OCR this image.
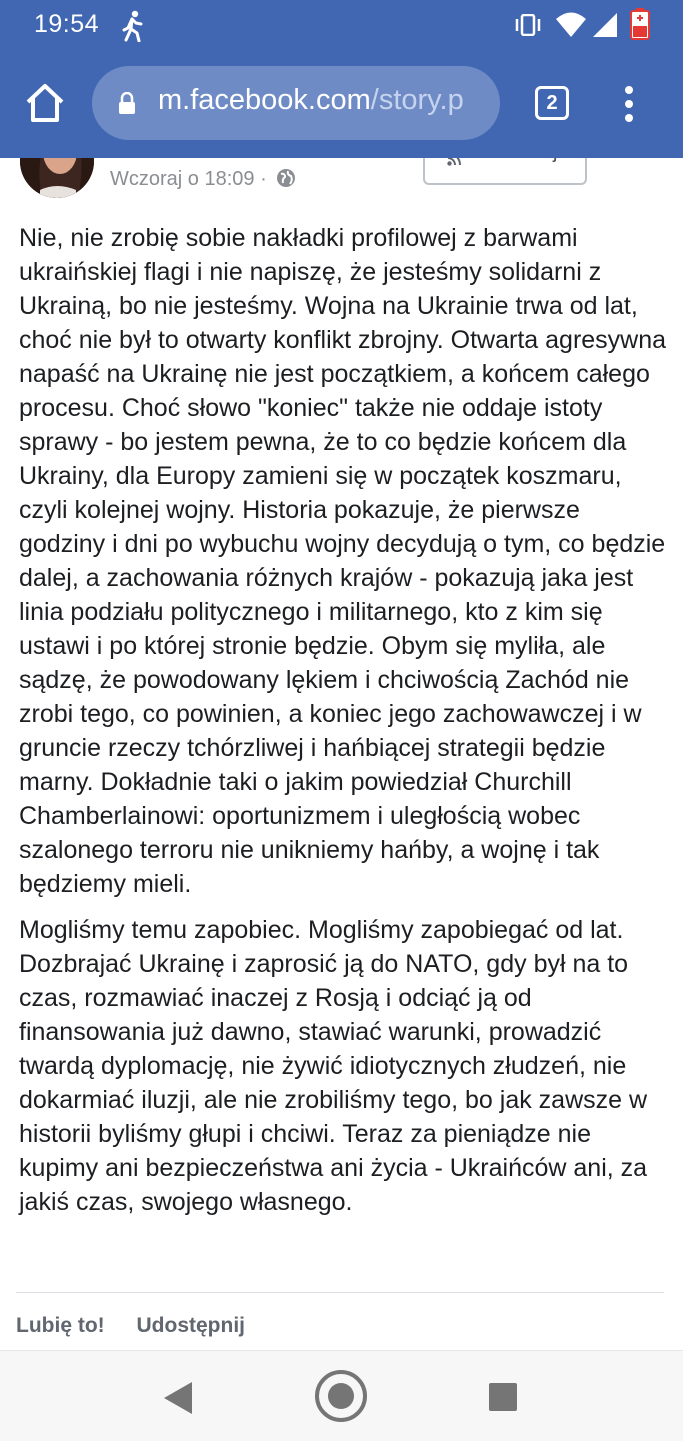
19:54
m.facebook.com/story.p	2
Wczoraj o 18:09 ·

Nie, nie zrobię sobie nakładki profilowej z barwami ukraińskiej flagi i nie napiszę, że jesteśmy solidarni z Ukrainą, bo nie jesteśmy. Wojna na Ukrainie trwa od lat, choć nie był to otwarty konflikt zbrojny. Otwarta agresywna napaść na Ukrainę nie jest początkiem, a końcem całego procesu. Choć słowo "koniec" także nie oddaje istoty sprawy - bo jestem pewna, że to co będzie końcem dla Ukrainy, dla Europy zamieni się w początek koszmaru, czyli kolejnej wojny. Historia pokazuje, że pierwsze godziny i dni po wybuchu wojny decydują o tym, co będzie dalej, a zachowania różnych krajów - pokazują jaka jest linia podziału politycznego i militarnego, kto z kim się ustawi i po której stronie będzie. Obym się myliła, ale sądzę, że powodowany lękiem i chciwością Zachód nie zrobi tego, co powinien, a koniec jego zachowawczej i w gruncie rzeczy tchórzliwej i hańbiącej strategii będzie marny. Dokładnie taki o jakim powiedział Churchill Chamberlainowi: oportunizmem i uległością wobec szalonego terroru nie unikniemy hańby, a wojnę i tak będziemy mieli.

Mogliśmy temu zapobiec. Mogliśmy zapobiegać od lat. Dozbrajać Ukrainę i zaprosić ją do NATO, gdy był na to czas, rozmawiać inaczej z Rosją i odciąć ją od finansowania już dawno, stawiać warunki, prowadzić twardą dyplomację, nie żywić idiotycznych złudzeń, nie dokarmiać iluzji, ale nie zrobiliśmy tego, bo jak zawsze w historii byliśmy głupi i chciwi. Teraz za pieniądze nie kupimy ani bezpieczeństwa ani życia - Ukraińców ani, za jakiś czas, swojego własnego.

Lubię to! Udostępnij
